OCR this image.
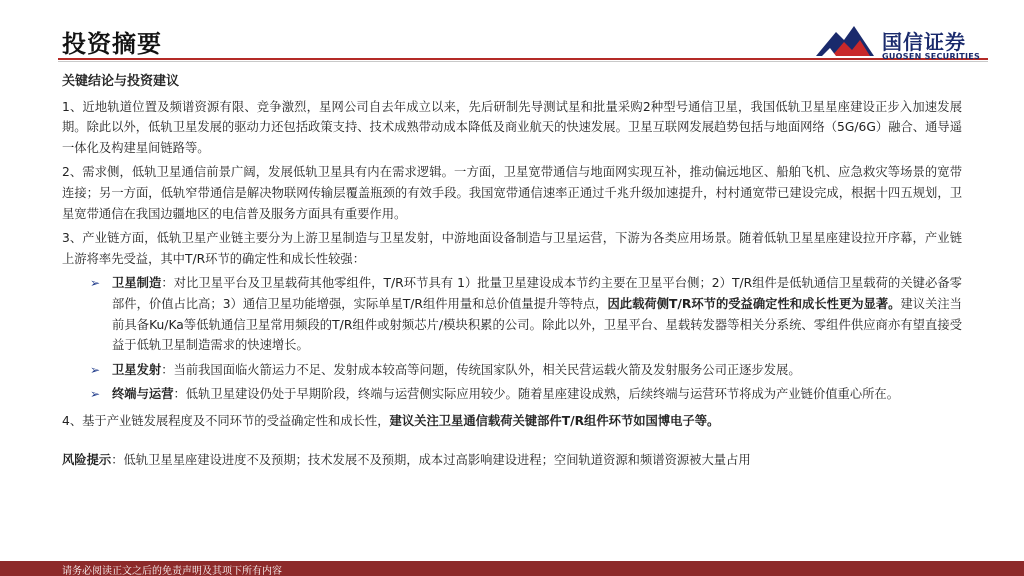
投资摘要	国信证券
GUOSEN SECURITIES
关键结论与投资建议
1、近地轨道位置及频谱资源有限、竞争激烈，星网公司自去年成立以来，先后研制先导测试星和批量采购2种型号通信卫星，我国低轨卫星星座建设正步入加速发展期。除此以外，低轨卫星发展的驱动力还包括政策支持、技术成熟带动成本降低及商业航天的快速发展。卫星互联网发展趋势包括与地面网络（5G/6G）融合、通导遥一体化及构建星间链路等。
2、需求侧，低轨卫星通信前景广阔，发展低轨卫星具有内在需求逻辑。一方面，卫星宽带通信与地面网实现互补，推动偏远地区、船舶飞机、应急救灾等场景的宽带连接；另一方面，低轨窄带通信是解决物联网传输层覆盖瓶颈的有效手段。我国宽带通信速率正通过千兆升级加速提升，村村通宽带已建设完成，根据十四五规划，卫星宽带通信在我国边疆地区的电信普及服务方面具有重要作用。
3、产业链方面，低轨卫星产业链主要分为上游卫星制造与卫星发射，中游地面设备制造与卫星运营，下游为各类应用场景。随着低轨卫星星座建设拉开序幕，产业链上游将率先受益，其中T/R环节的确定性和成长性较强：
➢ 卫星制造：对比卫星平台及卫星载荷其他零组件，T/R环节具有 1）批量卫星建设成本节约主要在卫星平台侧；2）T/R组件是低轨通信卫星载荷的关键必备零部件，价值占比高；3）通信卫星功能增强，实际单星T/R组件用量和总价值量提升等特点，因此载荷侧T/R环节的受益确定性和成长性更为显著。建议关注当前具备Ku/Ka等低轨通信卫星常用频段的T/R组件或射频芯片/模块积累的公司。除此以外，卫星平台、星载转发器等相关分系统、零组件供应商亦有望直接受益于低轨卫星制造需求的快速增长。
➢ 卫星发射：当前我国面临火箭运力不足、发射成本较高等问题，传统国家队外，相关民营运载火箭及发射服务公司正逐步发展。
➢ 终端与运营：低轨卫星建设仍处于早期阶段，终端与运营侧实际应用较少。随着星座建设成熟，后续终端与运营环节将成为产业链价值重心所在。
4、基于产业链发展程度及不同环节的受益确定性和成长性，建议关注卫星通信载荷关键部件T/R组件环节如国博电子等。
风险提示：低轨卫星星座建设进度不及预期；技术发展不及预期，成本过高影响建设进程；空间轨道资源和频谱资源被大量占用
请务必阅读正文之后的免责声明及其项下所有内容
